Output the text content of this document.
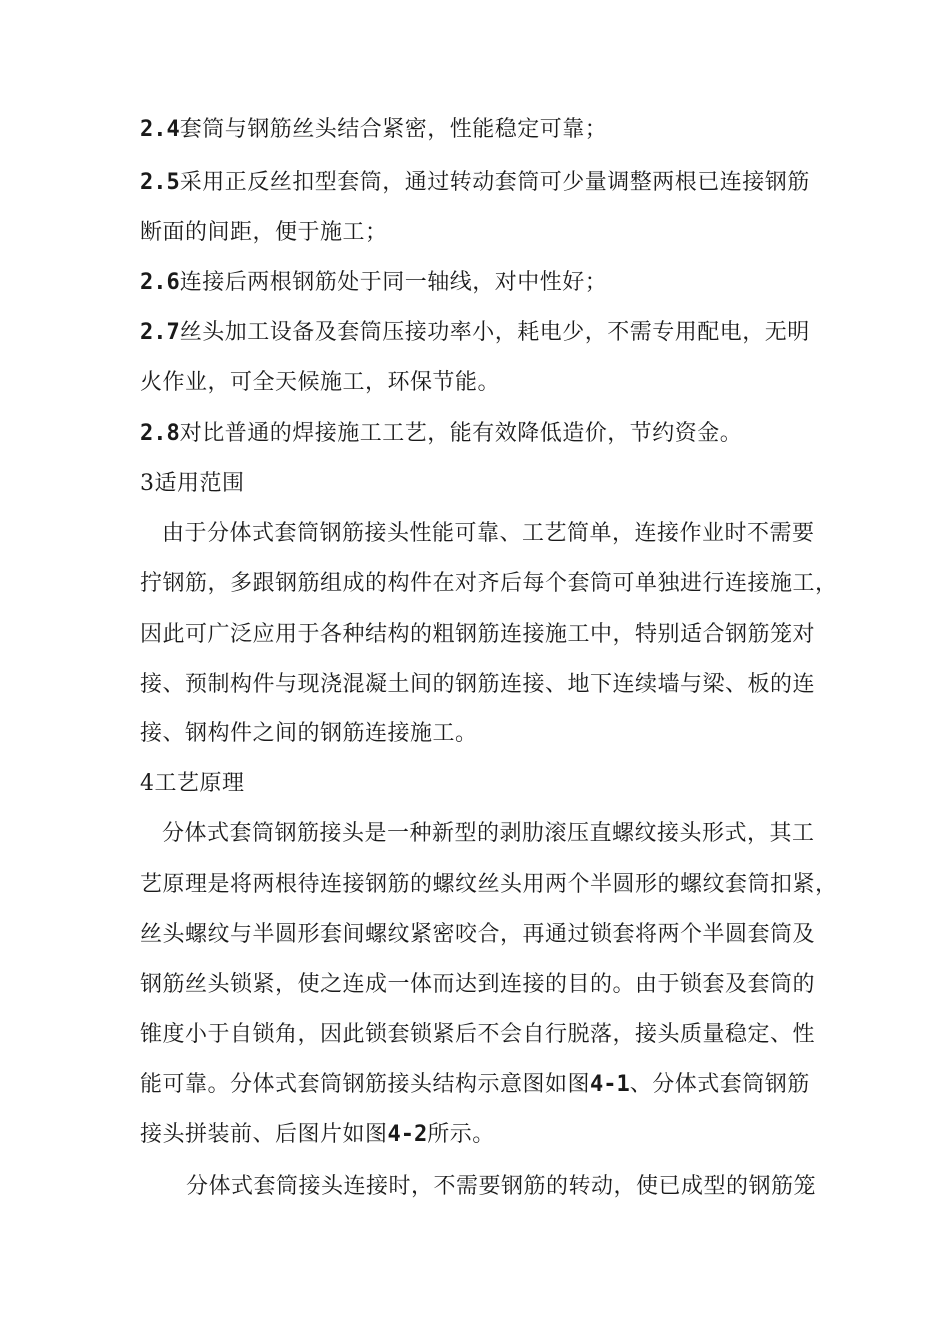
2.4套筒与钢筋丝头结合紧密，性能稳定可靠；
2.5采用正反丝扣型套筒，通过转动套筒可少量调整两根已连接钢筋
断面的间距，便于施工；
2.6连接后两根钢筋处于同一轴线，对中性好；
2.7丝头加工设备及套筒压接功率小，耗电少，不需专用配电，无明
火作业，可全天候施工，环保节能。
2.8对比普通的焊接施工工艺，能有效降低造价，节约资金。
3适用范围
由于分体式套筒钢筋接头性能可靠、工艺简单，连接作业时不需要
拧钢筋，多跟钢筋组成的构件在对齐后每个套筒可单独进行连接施工，
因此可广泛应用于各种结构的粗钢筋连接施工中，特别适合钢筋笼对
接、预制构件与现浇混凝土间的钢筋连接、地下连续墙与梁、板的连
接、钢构件之间的钢筋连接施工。
4工艺原理
分体式套筒钢筋接头是一种新型的剥肋滚压直螺纹接头形式，其工
艺原理是将两根待连接钢筋的螺纹丝头用两个半圆形的螺纹套筒扣紧，
丝头螺纹与半圆形套间螺纹紧密咬合，再通过锁套将两个半圆套筒及
钢筋丝头锁紧，使之连成一体而达到连接的目的。由于锁套及套筒的
锥度小于自锁角，因此锁套锁紧后不会自行脱落，接头质量稳定、性
能可靠。分体式套筒钢筋接头结构示意图如图4-1、分体式套筒钢筋
接头拼装前、后图片如图4-2所示。
分体式套筒接头连接时，不需要钢筋的转动，使已成型的钢筋笼
